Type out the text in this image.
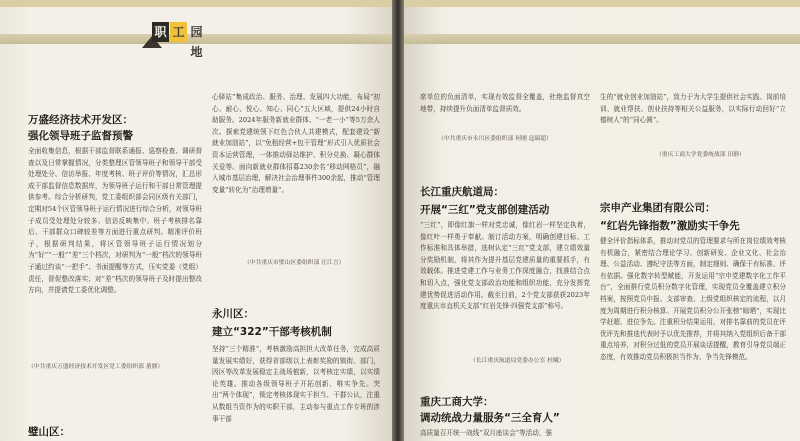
职 工 园地
万盛经济技术开发区：
强化领导班子监督预警
全面收集信息，根据干部监督联系通报、巡察检查、调研督查以及日常掌握情况，分类整理区管领导班子和领导干部受处理处分、信访举报、年度考核、班子评价等情况，汇总形成干部监督信息数据库，为领导班子运行和干部日常管理提供参考。综合分析研判，党工委组织部会同区级有关部门，定期对54个区管领导班子运行情况进行综合分析，对领导班子成员受处理处分较多、信访反映集中、班子考核排名靠后、干部群众口碑较差等方面进行重点研判。精准评价班子，根据研判结果，将区管领导班子运行情况划分为“好”“一般”“差”三个档次，对研判为“一般”档次的领导班子通过约谈“一把手”、书面提醒等方式，压实党委（党组）责任，督促整改落实；对“差”档次的领导班子及时提出整改方向，并提请党工委优化调整。
（中共重庆万盛经济技术开发区党工委组织部 董鼎）
璧山区：
心驿站”集成政治、服务、治理、发展四大功能，布局“初心、耐心、悦心、知心、同心”五大区域，提供24小时自助服务。2024年服务新就业群体、“一老一小”等5万余人次。探索党建统领下红色合伙人共建模式，配套建设“新就业加油站”，以“免租经营+包干管理”形式引入优质社会资本运营管理，一体推动驿站维护、积分兑换、凝心群体关爱等。面向新就业群体招募230余名“移动网格员”，融入城市基层治理，解决社会治理事件300余起，推动“管理变量”转化为“治理增量”。
（中共重庆市璧山区委组织部 汪江言）
永川区：
建立“322”干部考核机制
坚持“三个精准”，考核激励高担担大改革任务，完成高质量发展实绩好，获得省部级以上表彰奖励的镇街、部门，因区等改革发展稳定主战场植新，以考核定实绩，以实绩论英雄。推动各级领导班子开拓创新、唯实争先。突出“两个体现”，锁定考核体现实干担当、干群公认，注重从数组当资作为的实职干部，主动参与重点工作专班的涉事干部
席单位的负面清单，实现有效监督全覆盖，杜绝监督真空地带，持续提升负面清单监督质效。
（中共重庆市永川区委组织部 何刚 寇瑞超）
长江重庆航道局：
开展“三红”党支部创建活动
“三红”，即像红旗一样对党忠诚，像红岩一样坚定执着，像红叶一样勇于奉献。制订活动方案，明确创建目标、工作标准和具体举措，选树认定“三红”党支部，建立绩效量分奖励机制，将其作为提升基层党建质量的重要抓手，有效载体。推进党建工作与业务工作深度融合，找准结合点和切入点，强化党支部政治功能和组织功能，充分发挥党建优势促进活动作用。截至目前，2个党支部获获2023年度重庆市直机关支部“红岩先锋·四强党支部”称号。
（长江重庆航道局党委办公室 杜曦）
重庆工商大学：
调动统战力量服务“三全育人”
高质量召开统一战线“双月座谈会”等活动，强
生的“就业创业加油站”，致力于为大学生提供社会实践、岗前培训、就业帮扶、创业扶持等相关公益服务，以实际行动回好“立德树人”的“同心圆”。
（重庆工商大学党委统战部 田静）
宗申产业集团有限公司：
“红岩先锋指数”激励实干争先
健全评价指标体系，推动对党员的管理要求与所在岗位绩效考核有机融合，紧密结合理论学习、创新研发、企业文化、社会治理、公益活动、遵纪守法等方面，制定细则、确保干有标准、评有依据。强化数字转型赋能，开发运用“宗申党建数字化工作平台”，全面推行党员积分数字化管理，实现党员全覆盖建立积分档案，按照党员申报、支部审查、上级党组织核定的流程，以月度为周期进行积分核算。开展党员积分公开张榜“晾晒”，实现比学赶超、进位争先。注重积分结果运用，对排名靠前的党员在评优评先和推选代表时予以优先推荐，并将其纳入党组织后备干部重点培养，对积分过低的党员开展谈话提醒，教育引导党员端正态度，有效推动党员积极担当作为、争当先锋模范。
